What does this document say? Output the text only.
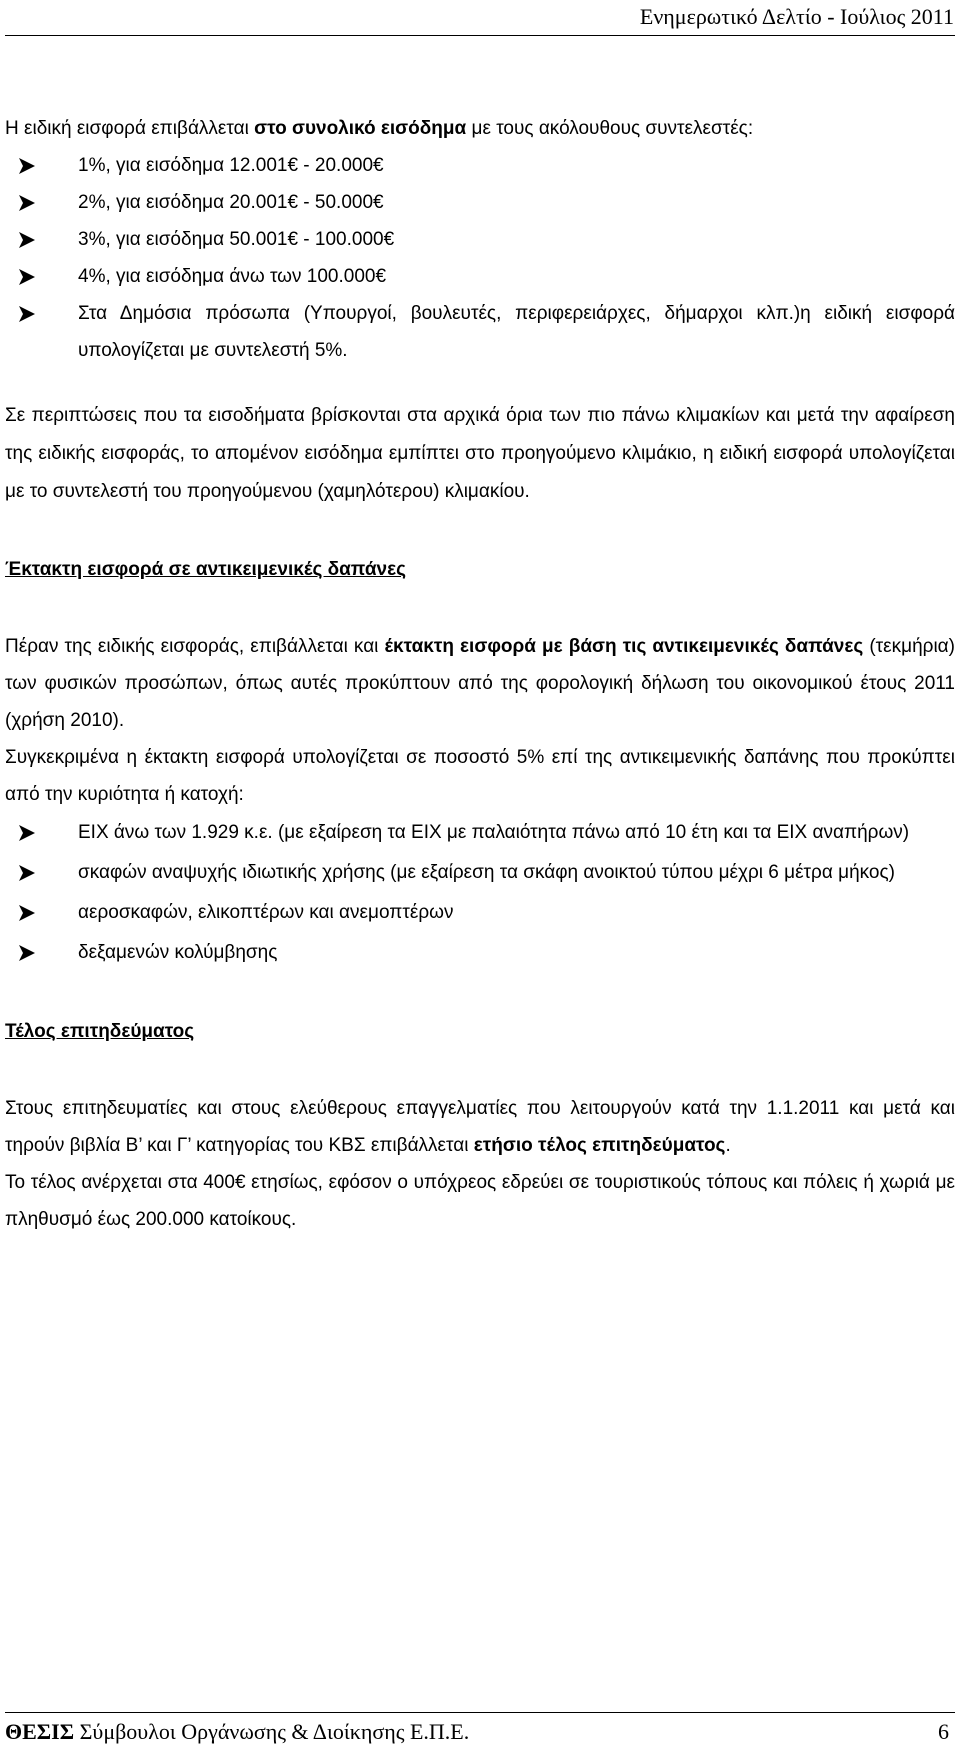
Ενημερωτικό Δελτίο - Ιούλιος 2011

Η ειδική εισφορά επιβάλλεται στο συνολικό εισόδημα με τους ακόλουθους συντελεστές:

1%, για εισόδημα 12.001€ - 20.000€
2%, για εισόδημα 20.001€ - 50.000€
3%, για εισόδημα 50.001€ - 100.000€
4%, για εισόδημα άνω των 100.000€
Στα Δημόσια πρόσωπα (Υπουργοί, βουλευτές, περιφερειάρχες, δήμαρχοι κλπ.)η ειδική εισφορά υπολογίζεται με συντελεστή 5%.

Σε περιπτώσεις που τα εισοδήματα βρίσκονται στα αρχικά όρια των πιο πάνω κλιμακίων και μετά την αφαίρεση της ειδικής εισφοράς, το απομένον εισόδημα εμπίπτει στο προηγούμενο κλιμάκιο, η ειδική εισφορά υπολογίζεται με το συντελεστή του προηγούμενου (χαμηλότερου) κλιμακίου.

Έκτακτη εισφορά σε αντικειμενικές δαπάνες

Πέραν της ειδικής εισφοράς, επιβάλλεται και έκτακτη εισφορά με βάση τις αντικειμενικές δαπάνες (τεκμήρια) των φυσικών προσώπων, όπως αυτές προκύπτουν από της φορολογική δήλωση του οικονομικού έτους 2011 (χρήση 2010).

Συγκεκριμένα η έκτακτη εισφορά υπολογίζεται σε ποσοστό 5% επί της αντικειμενικής δαπάνης που προκύπτει από την κυριότητα ή κατοχή:

ΕΙΧ άνω των 1.929 κ.ε. (με εξαίρεση τα ΕΙΧ με παλαιότητα πάνω από 10 έτη και τα ΕΙΧ αναπήρων)
σκαφών αναψυχής ιδιωτικής χρήσης (με εξαίρεση τα σκάφη ανοικτού τύπου μέχρι 6 μέτρα μήκος)
αεροσκαφών, ελικοπτέρων και ανεμοπτέρων
δεξαμενών κολύμβησης

Τέλος επιτηδεύματος

Στους επιτηδευματίες και στους ελεύθερους επαγγελματίες που λειτουργούν κατά την 1.1.2011 και μετά και τηρούν βιβλία Β’ και Γ’ κατηγορίας του ΚΒΣ επιβάλλεται ετήσιο τέλος επιτηδεύματος.

Το τέλος ανέρχεται στα 400€ ετησίως, εφόσον ο υπόχρεος εδρεύει σε τουριστικούς τόπους και πόλεις ή χωριά με πληθυσμό έως 200.000 κατοίκους.

ΘΕΣΙΣ Σύμβουλοι Οργάνωσης & Διοίκησης Ε.Π.Ε.	6
